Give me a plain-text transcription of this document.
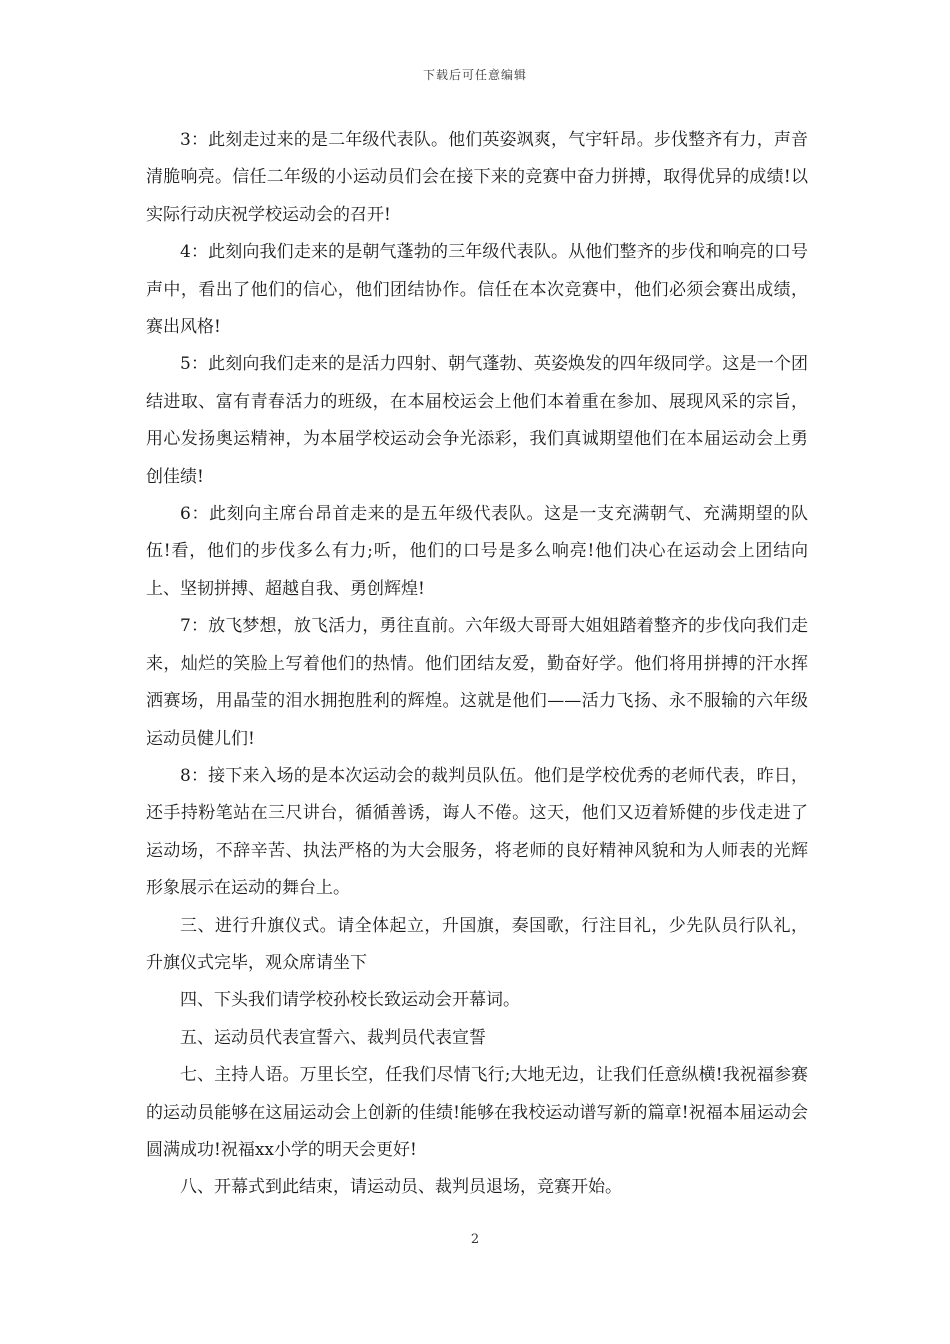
下载后可任意编辑

3：此刻走过来的是二年级代表队。他们英姿飒爽，气宇轩昂。步伐整齐有力，声音清脆响亮。信任二年级的小运动员们会在接下来的竞赛中奋力拼搏，取得优异的成绩!以实际行动庆祝学校运动会的召开!

4：此刻向我们走来的是朝气蓬勃的三年级代表队。从他们整齐的步伐和响亮的口号声中，看出了他们的信心，他们团结协作。信任在本次竞赛中，他们必须会赛出成绩，赛出风格!

5：此刻向我们走来的是活力四射、朝气蓬勃、英姿焕发的四年级同学。这是一个团结进取、富有青春活力的班级，在本届校运会上他们本着重在参加、展现风采的宗旨，用心发扬奥运精神，为本届学校运动会争光添彩，我们真诚期望他们在本届运动会上勇创佳绩!

6：此刻向主席台昂首走来的是五年级代表队。这是一支充满朝气、充满期望的队伍!看，他们的步伐多么有力;听，他们的口号是多么响亮!他们决心在运动会上团结向上、坚韧拼搏、超越自我、勇创辉煌!

7：放飞梦想，放飞活力，勇往直前。六年级大哥哥大姐姐踏着整齐的步伐向我们走来，灿烂的笑脸上写着他们的热情。他们团结友爱，勤奋好学。他们将用拼搏的汗水挥洒赛场，用晶莹的泪水拥抱胜利的辉煌。这就是他们——活力飞扬、永不服输的六年级运动员健儿们!

8：接下来入场的是本次运动会的裁判员队伍。他们是学校优秀的老师代表，昨日，还手持粉笔站在三尺讲台，循循善诱，诲人不倦。这天，他们又迈着矫健的步伐走进了运动场，不辞辛苦、执法严格的为大会服务，将老师的良好精神风貌和为人师表的光辉形象展示在运动的舞台上。

三、进行升旗仪式。请全体起立，升国旗，奏国歌，行注目礼，少先队员行队礼，升旗仪式完毕，观众席请坐下

四、下头我们请学校孙校长致运动会开幕词。

五、运动员代表宣誓六、裁判员代表宣誓

七、主持人语。万里长空，任我们尽情飞行;大地无边，让我们任意纵横!我祝福参赛的运动员能够在这届运动会上创新的佳绩!能够在我校运动谱写新的篇章!祝福本届运动会圆满成功!祝福xx小学的明天会更好!

八、开幕式到此结束，请运动员、裁判员退场，竞赛开始。

2
